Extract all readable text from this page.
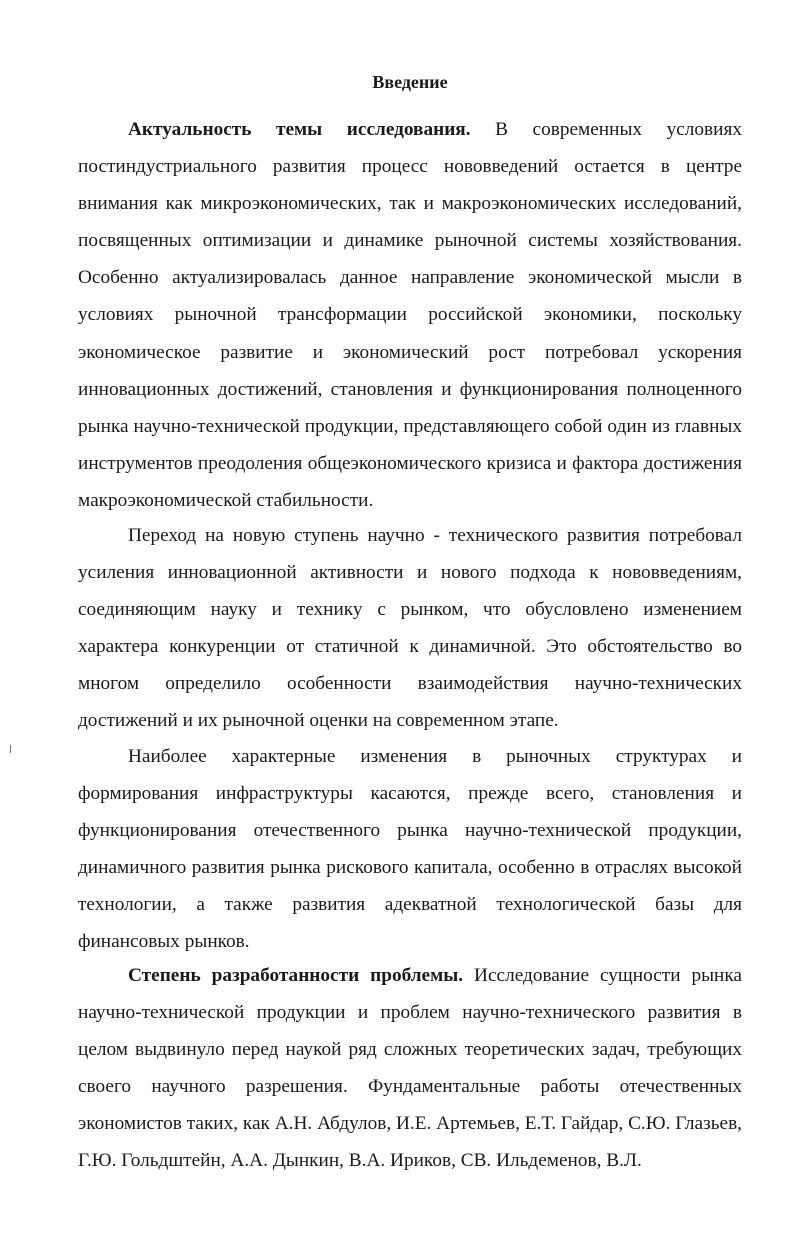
Введение

Актуальность темы исследования. В современных условиях постиндустриального развития процесс нововведений остается в центре внимания как микроэкономических, так и макроэкономических исследований, посвященных оптимизации и динамике рыночной системы хозяйствования. Особенно актуализировалась данное направление экономической мысли в условиях рыночной трансформации российской экономики, поскольку экономическое развитие и экономический рост потребовал ускорения инновационных достижений, становления и функционирования полноценного рынка научно-технической продукции, представляющего собой один из главных инструментов преодоления общеэкономического кризиса и фактора достижения макроэкономической стабильности.

Переход на новую ступень научно - технического развития потребовал усиления инновационной активности и нового подхода к нововведениям, соединяющим науку и технику с рынком, что обусловлено изменением характера конкуренции от статичной к динамичной. Это обстоятельство во многом определило особенности взаимодействия научно-технических достижений и их рыночной оценки на современном этапе.

Наиболее характерные изменения в рыночных структурах и формирования инфраструктуры касаются, прежде всего, становления и функционирования отечественного рынка научно-технической продукции, динамичного развития рынка рискового капитала, особенно в отраслях высокой технологии, а также развития адекватной технологической базы для финансовых рынков.

Степень разработанности проблемы. Исследование сущности рынка научно-технической продукции и проблем научно-технического развития в целом выдвинуло перед наукой ряд сложных теоретических задач, требующих своего научного разрешения. Фундаментальные работы отечественных экономистов таких, как А.Н. Абдулов, И.Е. Артемьев, Е.Т. Гайдар, С.Ю. Глазьев, Г.Ю. Гольдштейн, А.А. Дынкин, В.А. Ириков, СВ. Ильдеменов, В.Л.
